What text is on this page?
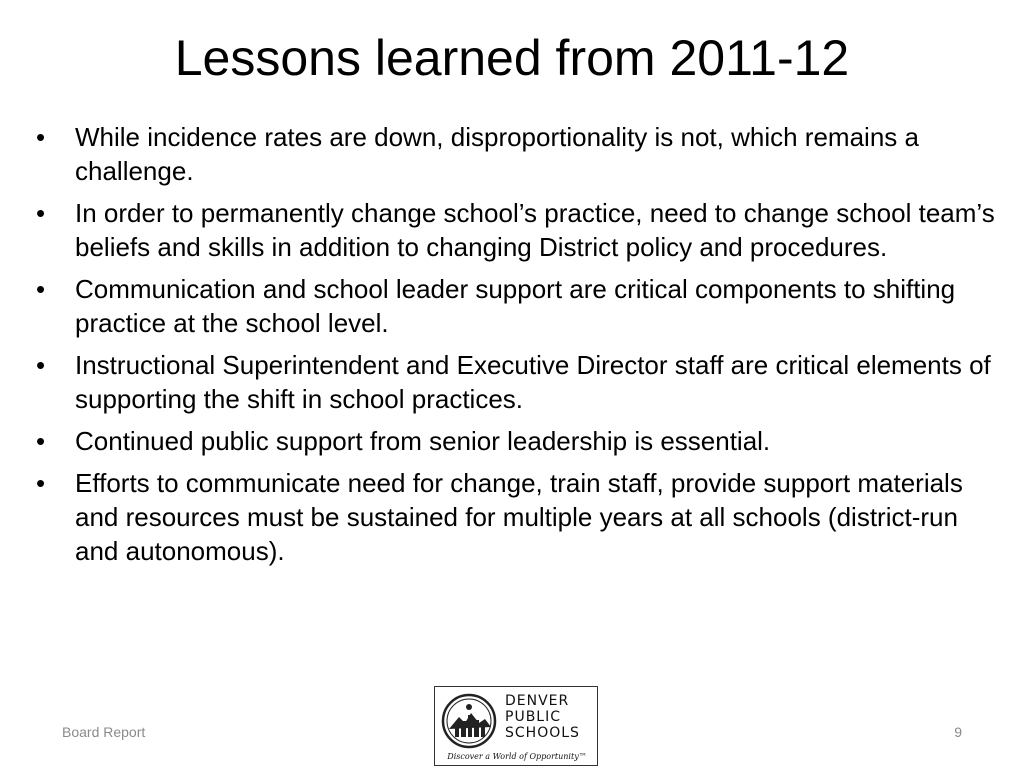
Lessons learned from 2011-12
•	While incidence rates are down, disproportionality is not, which remains a challenge.
•	In order to permanently change school’s practice, need to change school team’s beliefs and skills in addition to changing District policy and procedures.
•	Communication and school leader support are critical components to shifting practice at the school level.
•	Instructional Superintendent and Executive Director staff are critical elements of supporting the shift in school practices.
•	Continued public support from senior leadership is essential.
•	Efforts to communicate need for change, train staff, provide support materials and resources must be sustained for multiple years at all schools (district-run and autonomous).
Board Report
DENVER
PUBLIC
SCHOOLS
Discover a World of Opportunity™
9
